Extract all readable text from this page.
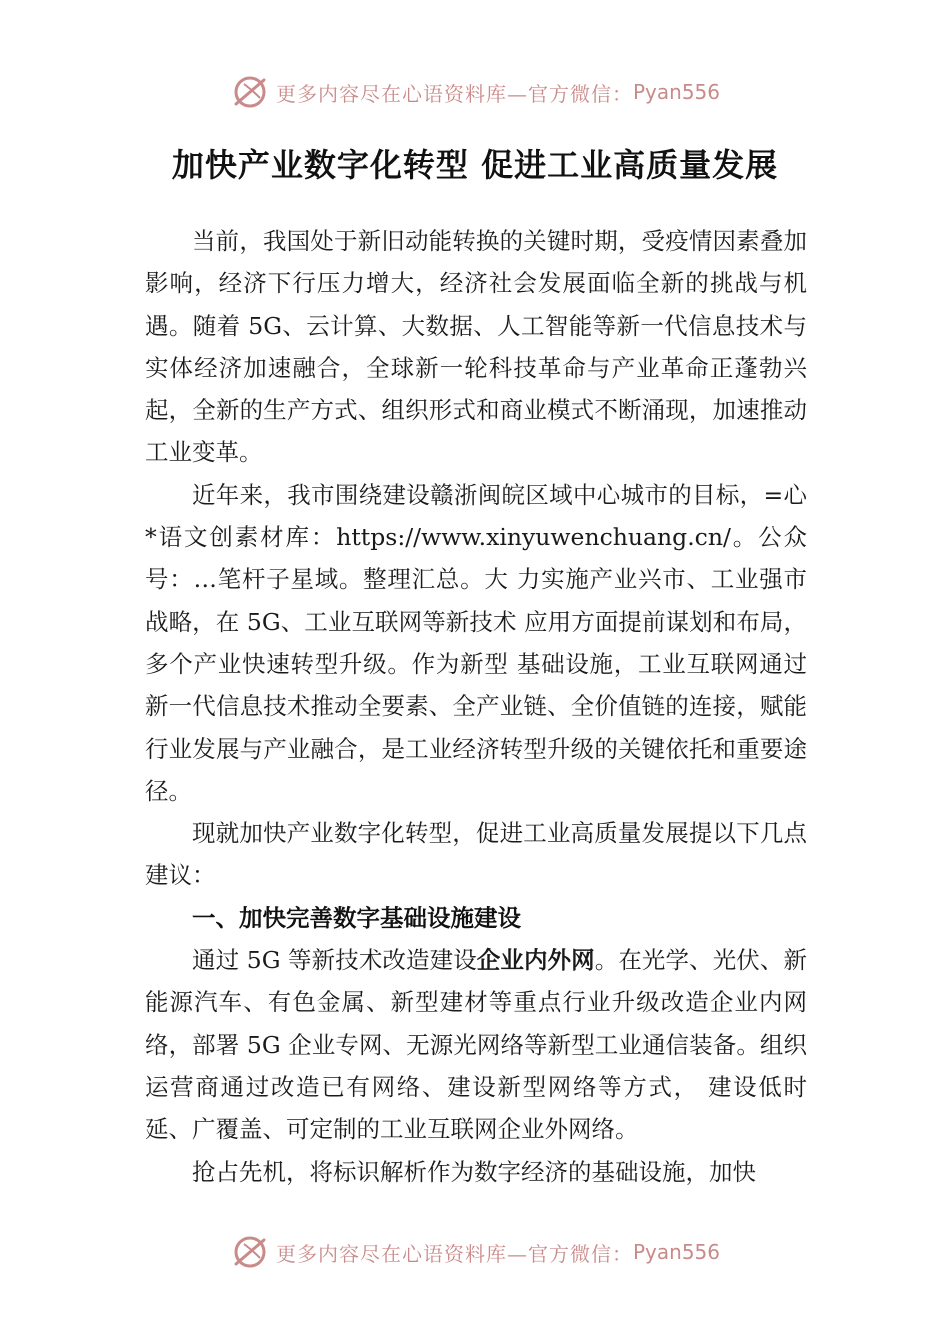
更多内容尽在心语资料库—官方微信： Pyan556
加快产业数字化转型 促进工业高质量发展

当前，我国处于新旧动能转换的关键时期，受疫情因素叠加影响，经济下行压力增大，经济社会发展面临全新的挑战与机遇。随着 5G、云计算、大数据、人工智能等新一代信息技术与实体经济加速融合，全球新一轮科技革命与产业革命正蓬勃兴起，全新的生产方式、组织形式和商业模式不断涌现，加速推动工业变革。

近年来，我市围绕建设赣浙闽皖区域中心城市的目标，=心*语文创素材库：https://www.xinyuwenchuang.cn/。公众号：…笔杆子星域。整理汇总。大 力实施产业兴市、工业强市战略，在 5G、工业互联网等新技术 应用方面提前谋划和布局，多个产业快速转型升级。作为新型 基础设施，工业互联网通过新一代信息技术推动全要素、全产业链、全价值链的连接，赋能行业发展与产业融合，是工业经济转型升级的关键依托和重要途径。

现就加快产业数字化转型，促进工业高质量发展提以下几点建议：

一、加快完善数字基础设施建设

通过 5G 等新技术改造建设企业内外网。在光学、光伏、新能源汽车、有色金属、新型建材等重点行业升级改造企业内网络，部署 5G 企业专网、无源光网络等新型工业通信装备。组织运营商通过改造已有网络、建设新型网络等方式， 建设低时延、广覆盖、可定制的工业互联网企业外网络。

抢占先机，将标识解析作为数字经济的基础设施，加快

更多内容尽在心语资料库—官方微信： Pyan556
